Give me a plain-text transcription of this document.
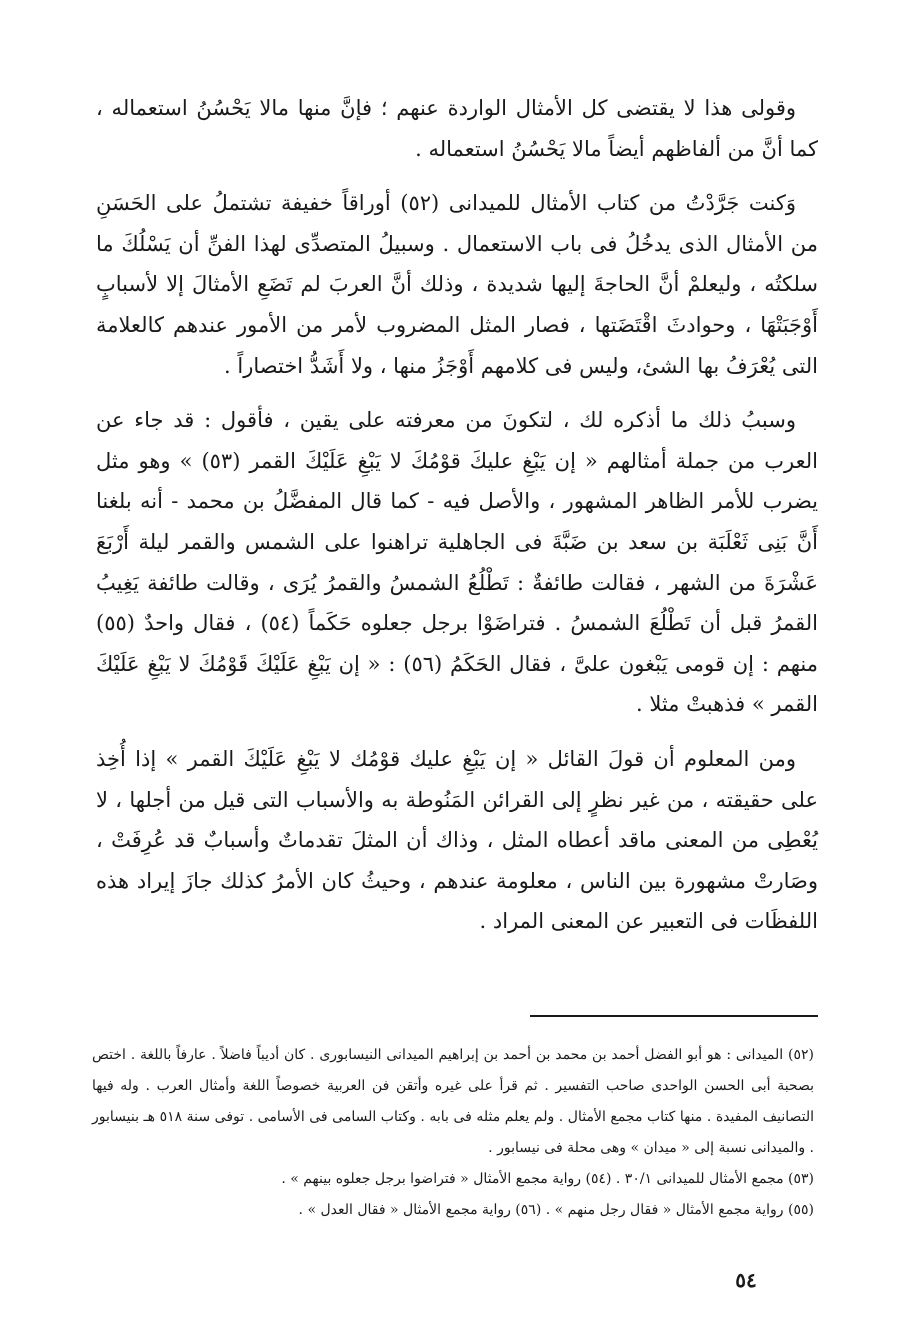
وقولى هذا لا يقتضى كل الأمثال الواردة عنهم ؛ فإنَّ منها مالا يَحْسُنُ استعماله ، كما أنَّ من ألفاظهم أيضاً مالا يَحْسُنُ استعماله .

وَكنت جَرَّدْتُ من كتاب الأمثال للميدانى (٥٢) أوراقاً خفيفة تشتملُ على الحَسَنِ من الأمثال الذى يدخُلُ فى باب الاستعمال . وسبيلُ المتصدِّى لهذا الفنِّ أن يَسْلُكَ ما سلكتُه ، وليعلمْ أنَّ الحاجةَ إليها شديدة ، وذلك أنَّ العربَ لم تَضَعِ الأمثالَ إلا لأسبابٍ أَوْجَبَتْهَا ، وحوادثَ اقْتَضَتها ، فصار المثل المضروب لأمر من الأمور عندهم كالعلامة التى يُعْرَفُ بها الشئ، وليس فى كلامهم أَوْجَزُ منها ، ولا أَشَدُّ اختصاراً .

وسببُ ذلك ما أذكره لك ، لتكونَ من معرفته على يقين ، فأقول : قد جاء عن العرب من جملة أمثالهم « إن يَبْغِ عليكَ قوْمُكَ لا يَبْغِ عَلَيْكَ القمر (٥٣) » وهو مثل يضرب للأمر الظاهر المشهور ، والأصل فيه - كما قال المفضَّلُ بن محمد - أنه بلغنا أَنَّ بَنِى ثَعْلَبَة بن سعد بن ضَبَّةَ فى الجاهلية تراهنوا على الشمس والقمر ليلة أَرْبَعَ عَشْرَةَ من الشهر ، فقالت طائفةٌ : تَطْلُعُ الشمسُ والقمرُ يُرَى ، وقالت طائفة يَغِيبُ القمرُ قبل أن تَطْلُعَ الشمسُ . فتراضَوْا برجل جعلوه حَكَماً (٥٤) ، فقال واحدٌ (٥٥) منهم : إن قومى يَبْغون علىَّ ، فقال الحَكَمُ (٥٦) : « إن يَبْغِ عَلَيْكَ قَوْمُكَ لا يَبْغِ عَلَيْكَ القمر » فذهبتْ مثلا .

ومن المعلوم أن قولَ القائل « إن يَبْغِ عليك قوْمُك لا يَبْغِ عَلَيْكَ القمر » إذا أُخِذ على حقيقته ، من غير نظرٍ إلى القرائن المَنُوطة به والأسباب التى قيل من أجلها ، لا يُعْطِى من المعنى ماقد أعطاه المثل ، وذاك أن المثلَ تقدماتٌ وأسبابٌ قد عُرِفَتْ ، وصَارتْ مشهورة بين الناس ، معلومة عندهم ، وحيثُ كان الأمرُ كذلك جازَ إيراد هذه اللفظَات فى التعبير عن المعنى المراد .

(٥٢) الميدانى : هو أبو الفضل أحمد بن محمد بن أحمد بن إبراهيم الميدانى النيسابورى . كان أديباً فاضلاً . عارفاً باللغة . اختص بصحبة أبى الحسن الواحدى صاحب التفسير . ثم قرأ على غيره وأتقن فن العربية خصوصاً اللغة وأمثال العرب . وله فيها التصانيف المفيدة . منها كتاب مجمع الأمثال . ولم يعلم مثله فى بابه . وكتاب السامى فى الأسامى . توفى سنة ٥١٨ هـ بنيسابور . والميدانى نسبة إلى « ميدان » وهى محلة فى نيسابور .

(٥٣) مجمع الأمثال للميدانى ٣٠/١ . (٥٤) رواية مجمع الأمثال « فتراضوا برجل جعلوه بينهم » .

(٥٥) رواية مجمع الأمثال « فقال رجل منهم » . (٥٦) رواية مجمع الأمثال « فقال العدل » .

٥٤
